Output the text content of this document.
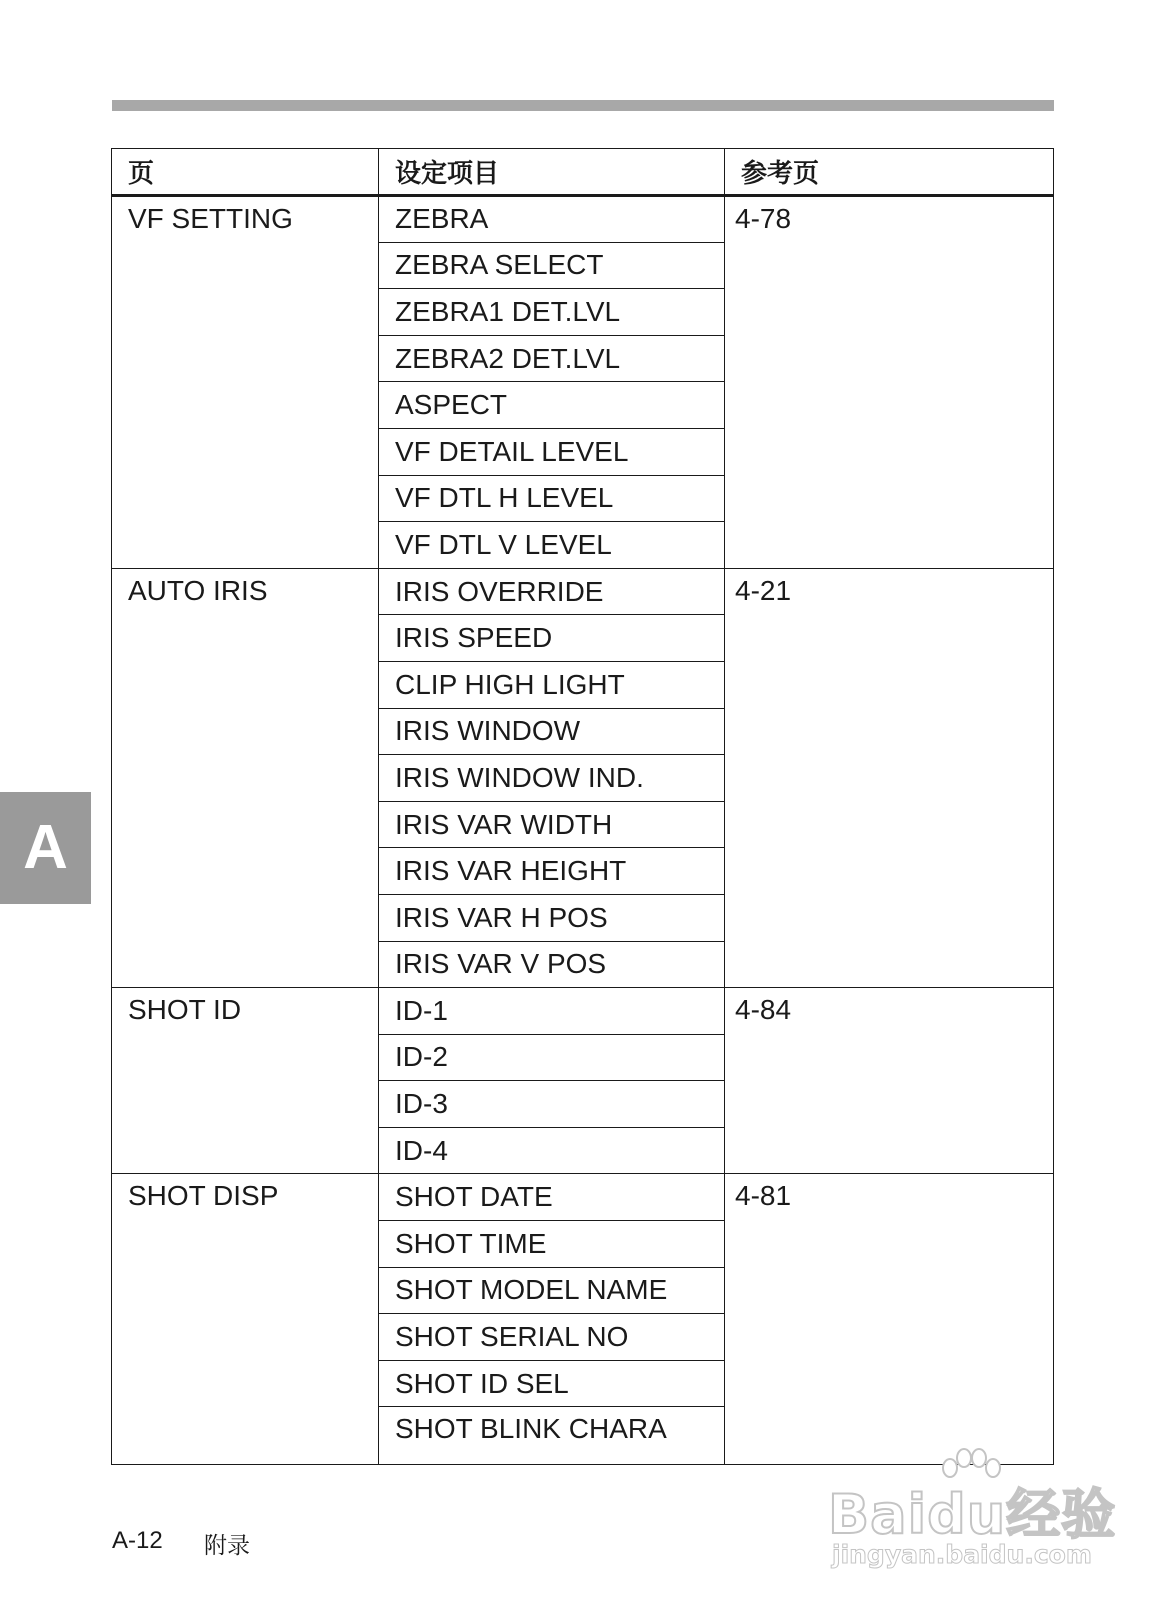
A
页	设定项目	参考页
VF SETTING	ZEBRA	4-78
	ZEBRA SELECT	
	ZEBRA1 DET.LVL	
	ZEBRA2 DET.LVL	
	ASPECT	
	VF DETAIL LEVEL	
	VF DTL H LEVEL	
	VF DTL V LEVEL	
AUTO IRIS	IRIS OVERRIDE	4-21
	IRIS SPEED	
	CLIP HIGH LIGHT	
	IRIS WINDOW	
	IRIS WINDOW IND.	
	IRIS VAR WIDTH	
	IRIS VAR HEIGHT	
	IRIS VAR H POS	
	IRIS VAR V POS	
SHOT ID	ID-1	4-84
	ID-2	
	ID-3	
	ID-4	
SHOT DISP	SHOT DATE	4-81
	SHOT TIME	
	SHOT MODEL NAME	
	SHOT SERIAL NO	
	SHOT ID SEL	
	SHOT BLINK CHARA	
A-12 附录	Baidu经验
jingyan.baidu.com
